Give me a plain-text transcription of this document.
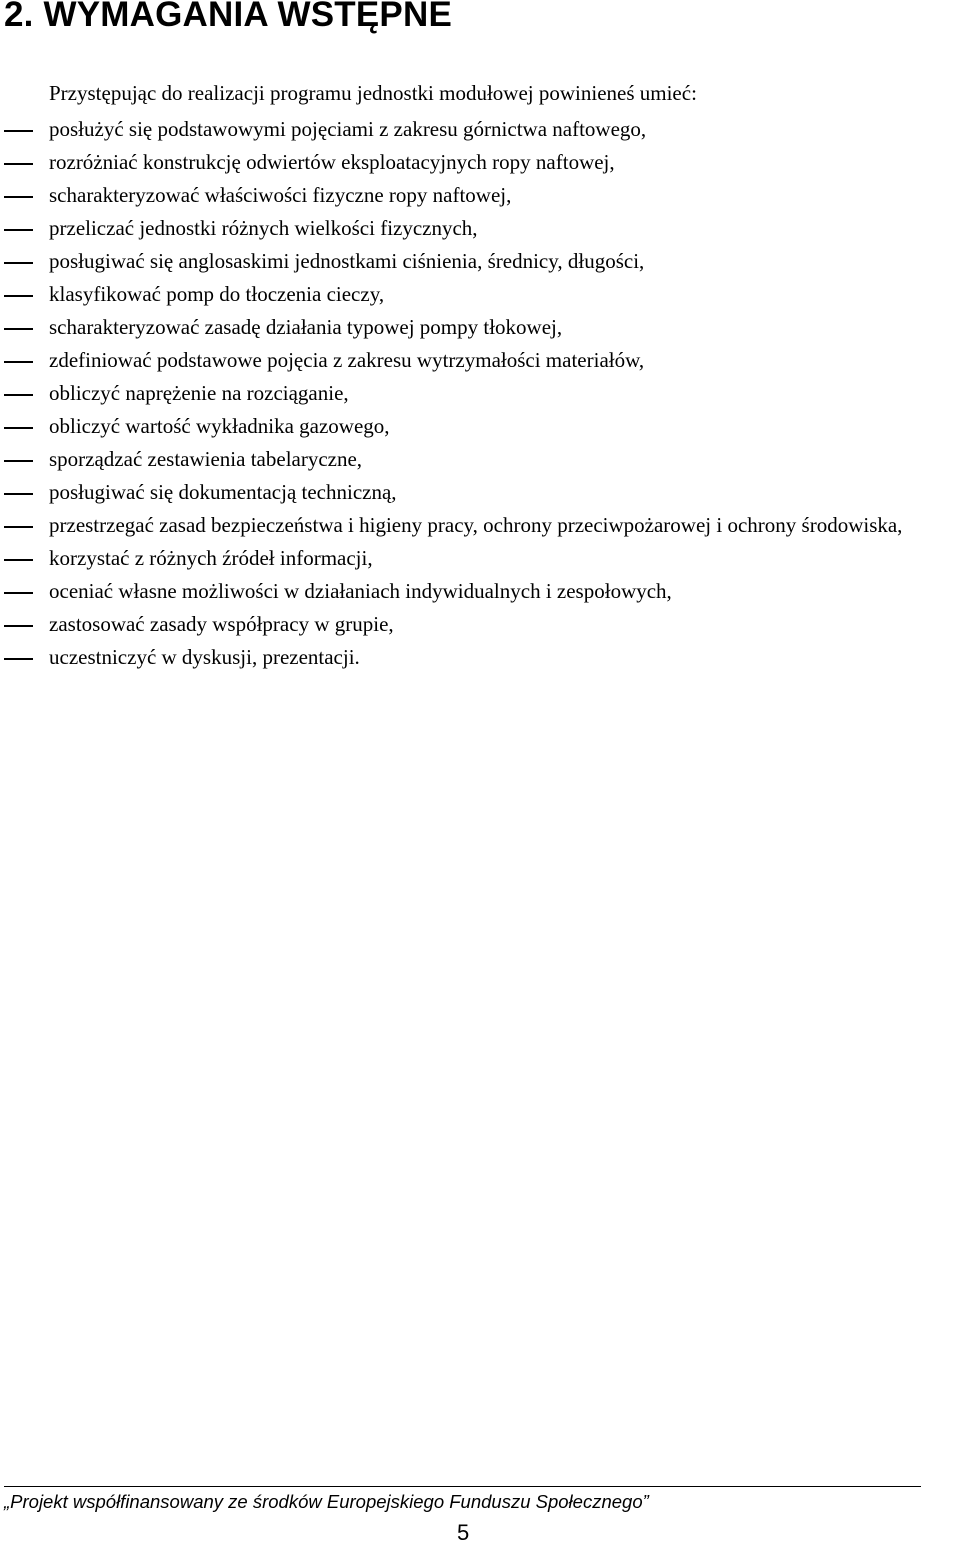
2. WYMAGANIA WSTĘPNE

Przystępując do realizacji programu jednostki modułowej powinieneś umieć:

posłużyć się podstawowymi pojęciami z zakresu górnictwa naftowego,
rozróżniać konstrukcję odwiertów eksploatacyjnych ropy naftowej,
scharakteryzować właściwości fizyczne ropy naftowej,
przeliczać jednostki różnych wielkości fizycznych,
posługiwać się anglosaskimi jednostkami ciśnienia, średnicy, długości,
klasyfikować pomp do tłoczenia cieczy,
scharakteryzować zasadę działania typowej pompy tłokowej,
zdefiniować podstawowe pojęcia z zakresu wytrzymałości materiałów,
obliczyć naprężenie na rozciąganie,
obliczyć wartość wykładnika gazowego,
sporządzać zestawienia tabelaryczne,
posługiwać się dokumentacją techniczną,
przestrzegać zasad bezpieczeństwa i higieny pracy, ochrony przeciwpożarowej i ochrony środowiska,
korzystać z różnych źródeł informacji,
oceniać własne możliwości w działaniach indywidualnych i zespołowych,
zastosować zasady współpracy w grupie,
uczestniczyć w dyskusji, prezentacji.

„Projekt współfinansowany ze środków Europejskiego Funduszu Społecznego”

5
